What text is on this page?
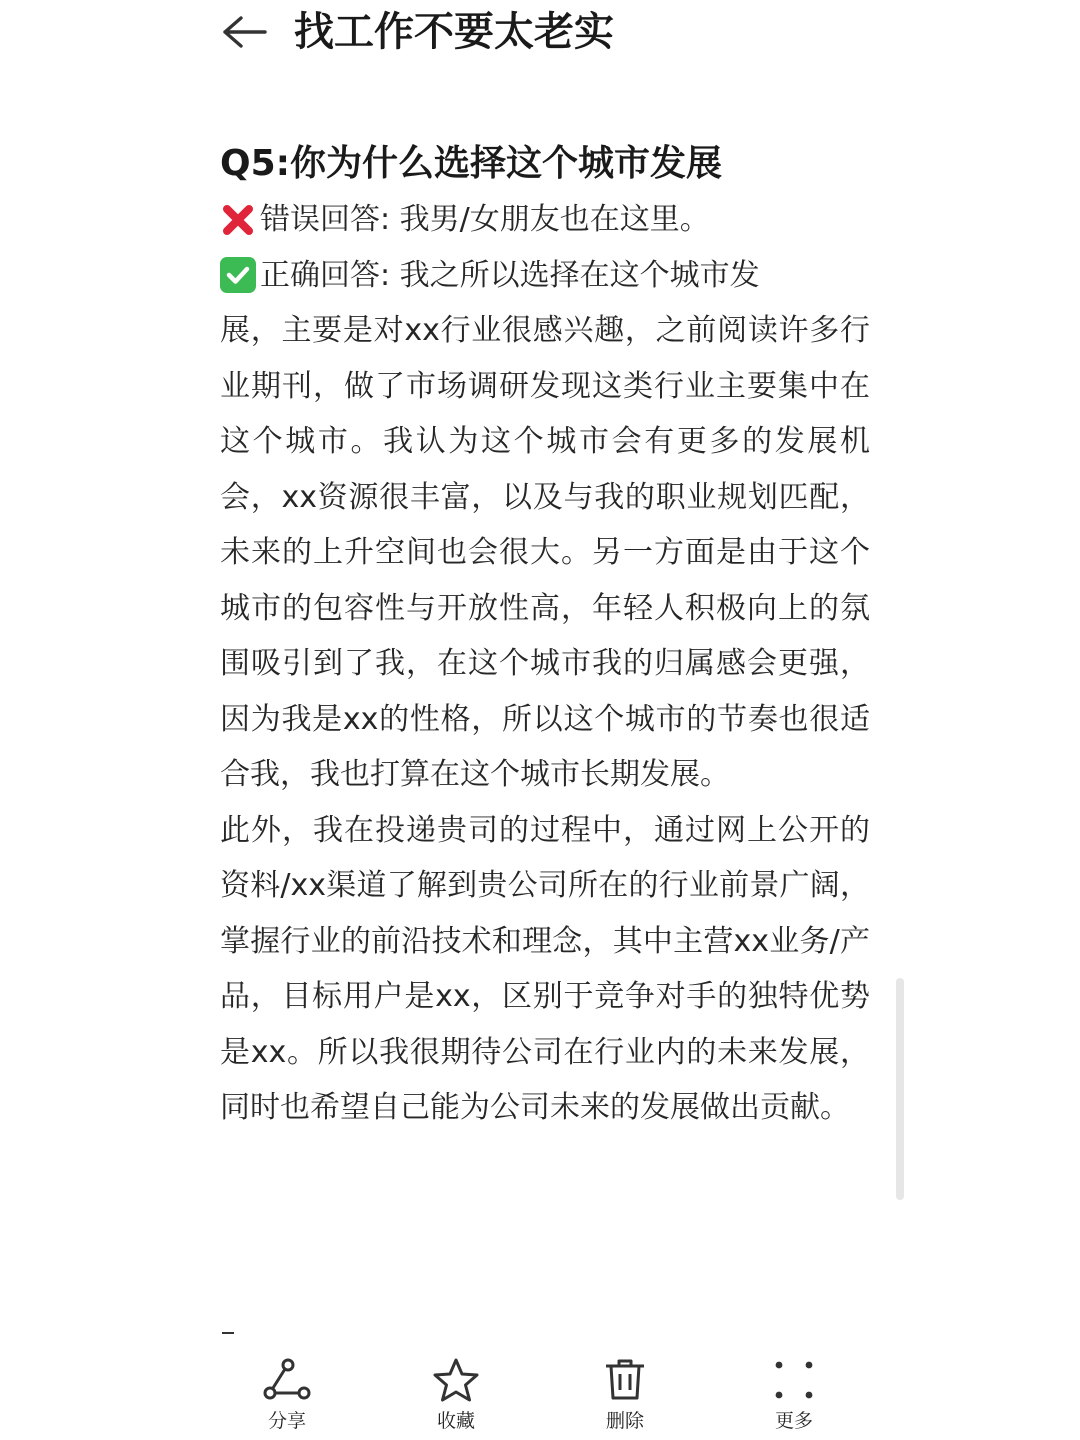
找工作不要太老实
Q5:你为什么选择这个城市发展
错误回答:
我男/女朋友也在这里。
正确回答:
我之所以选择在这个城市发

展，主要是对xx行业很感兴趣，之前阅读许多行业期刊，做了市场调研发现这类行业主要集中在这个城市。我认为这个城市会有更多的发展机会，xx资源很丰富，以及与我的职业规划匹配，未来的上升空间也会很大。另一方面是由于这个城市的包容性与开放性高，年轻人积极向上的氛围吸引到了我，在这个城市我的归属感会更强，因为我是xx的性格，所以这个城市的节奏也很适合我，我也打算在这个城市长期发展。

此外，我在投递贵司的过程中，通过网上公开的资料/xx渠道了解到贵公司所在的行业前景广阔，掌握行业的前沿技术和理念，其中主营xx业务/产品，目标用户是xx，区别于竞争对手的独特优势是xx。所以我很期待公司在行业内的未来发展，同时也希望自己能为公司未来的发展做出贡献。

分享	收藏	删除	更多
